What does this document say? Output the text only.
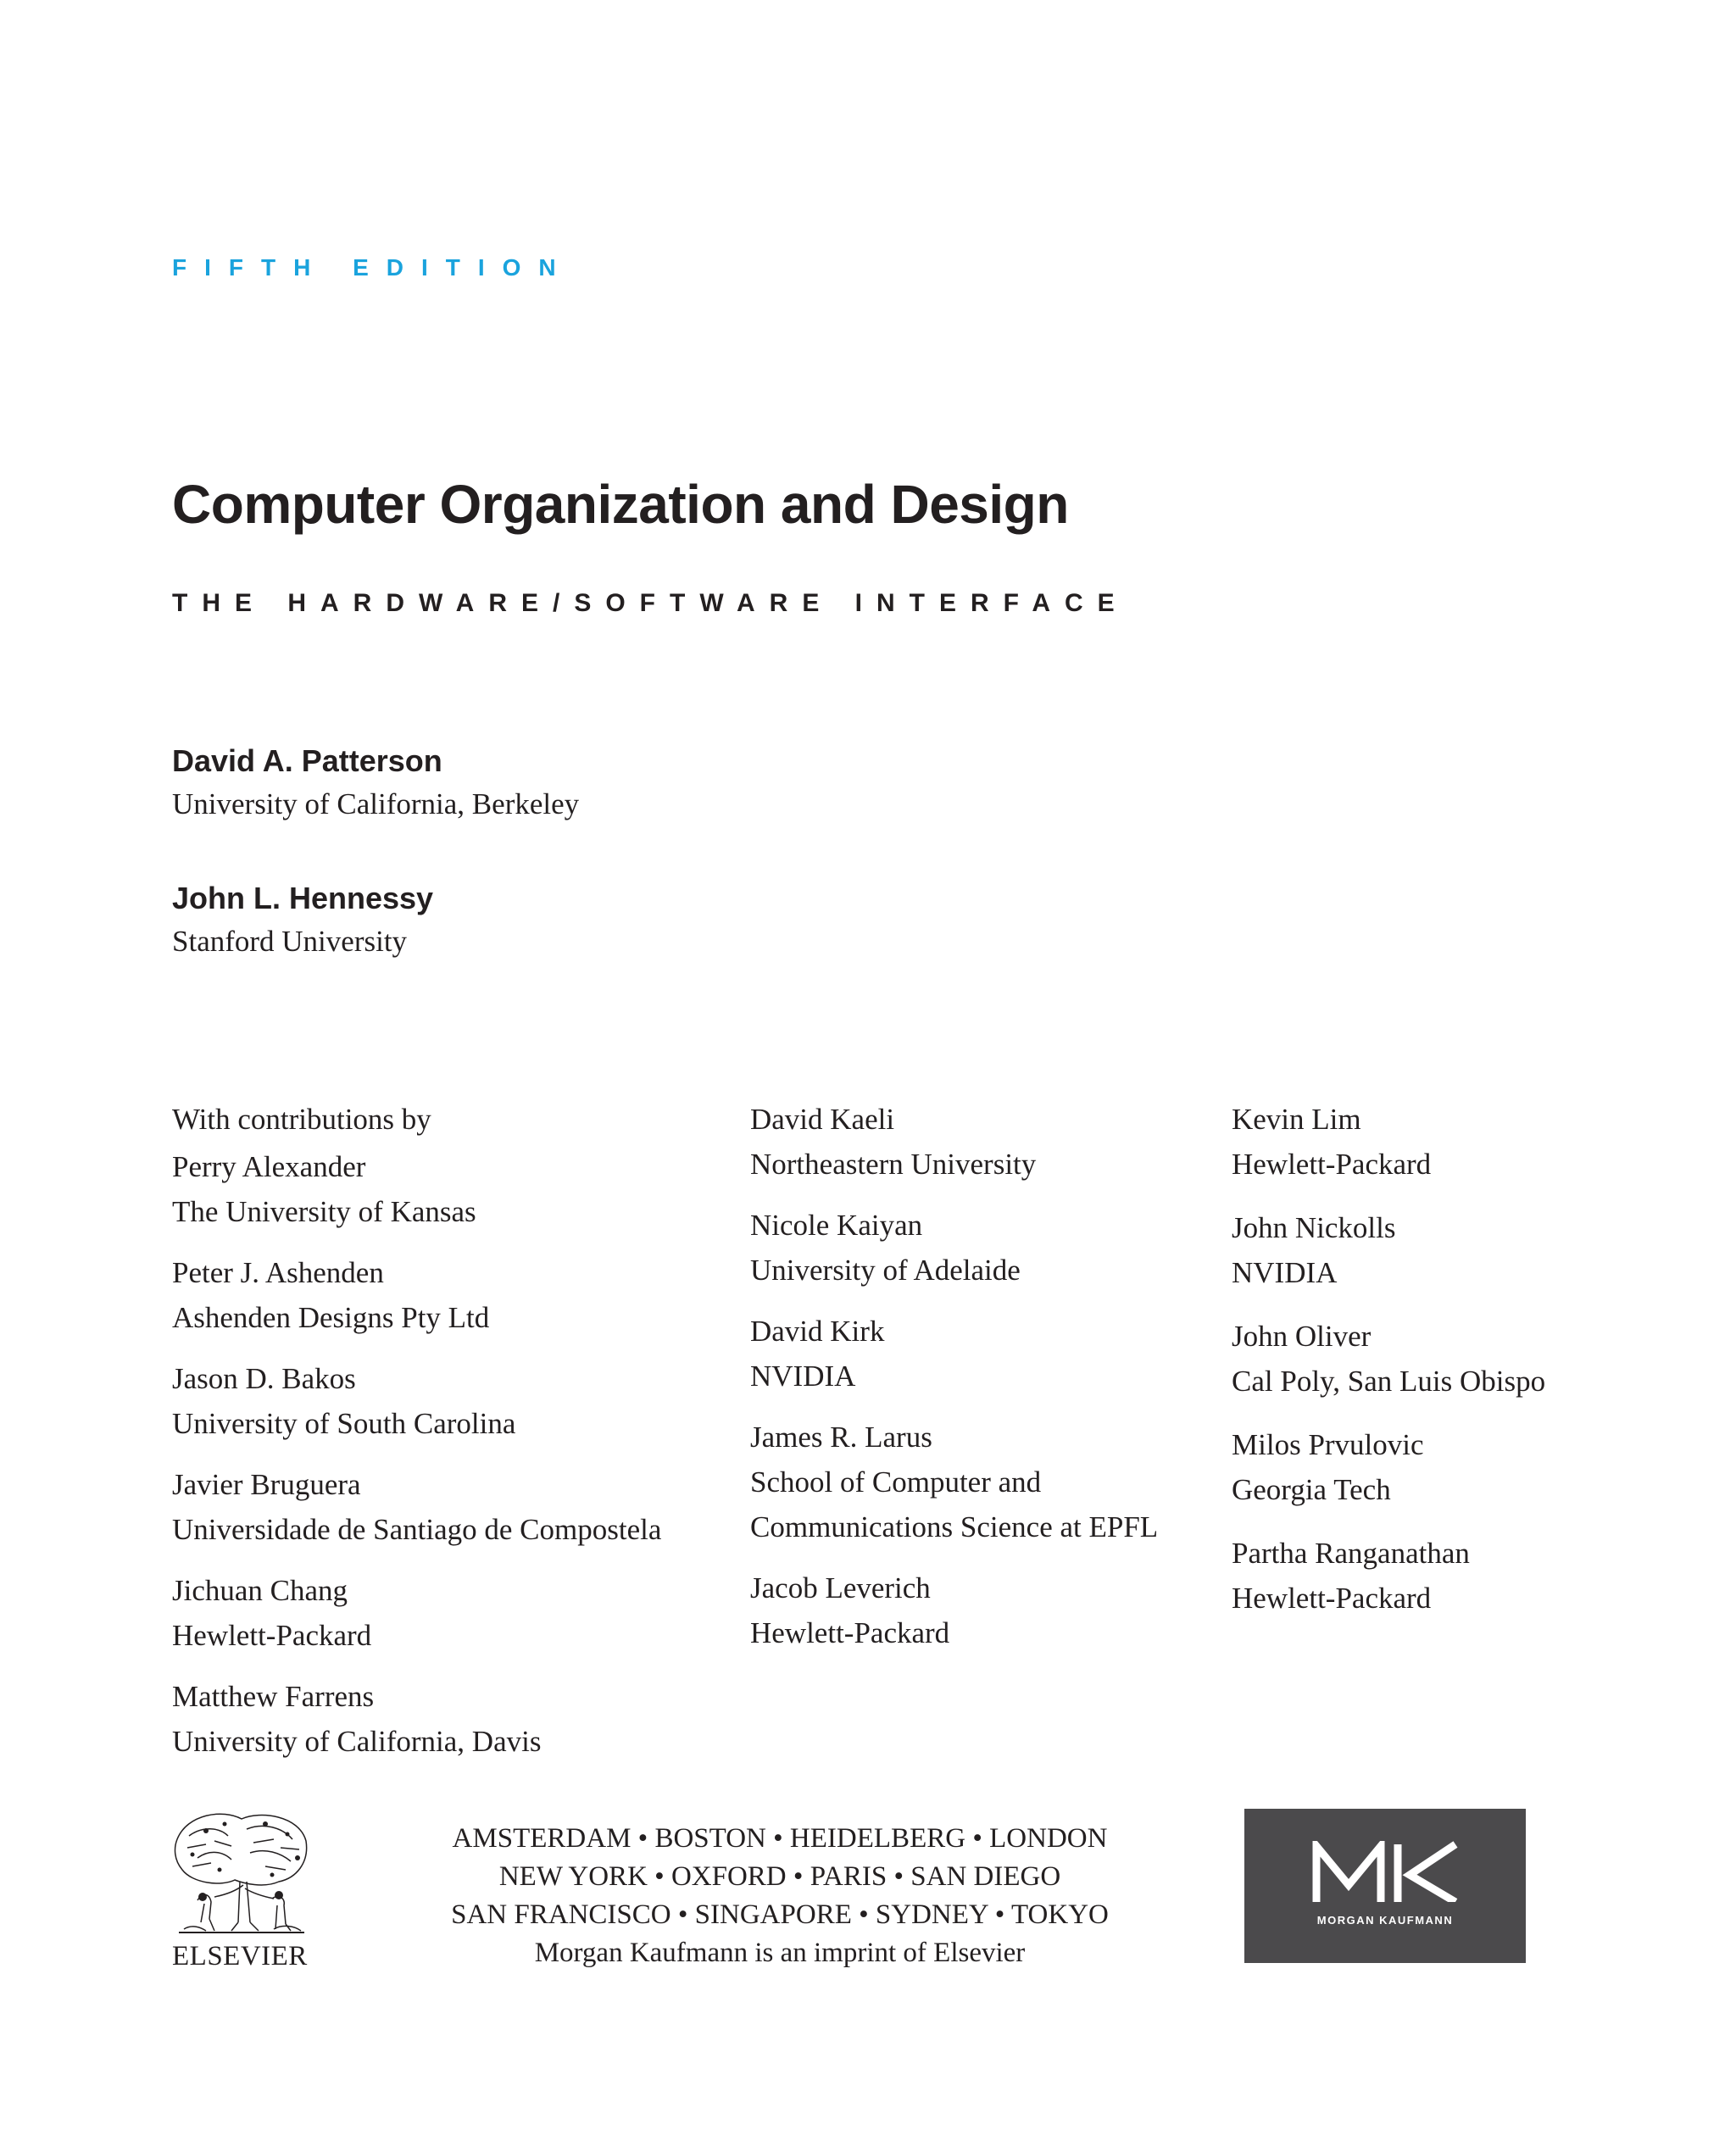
FIFTH EDITION
Computer Organization and Design
THE HARDWARE/SOFTWARE INTERFACE
David A. Patterson
University of California, Berkeley
John L. Hennessy
Stanford University
With contributions by
Perry Alexander
The University of Kansas
Peter J. Ashenden
Ashenden Designs Pty Ltd
Jason D. Bakos
University of South Carolina
Javier Bruguera
Universidade de Santiago de Compostela
Jichuan Chang
Hewlett-Packard
Matthew Farrens
University of California, Davis
David Kaeli
Northeastern University
Nicole Kaiyan
University of Adelaide
David Kirk
NVIDIA
James R. Larus
School of Computer and
Communications Science at EPFL
Jacob Leverich
Hewlett-Packard
Kevin Lim
Hewlett-Packard
John Nickolls
NVIDIA
John Oliver
Cal Poly, San Luis Obispo
Milos Prvulovic
Georgia Tech
Partha Ranganathan
Hewlett-Packard
ELSEVIER
AMSTERDAM • BOSTON • HEIDELBERG • LONDON
NEW YORK • OXFORD • PARIS • SAN DIEGO
SAN FRANCISCO • SINGAPORE • SYDNEY • TOKYO
Morgan Kaufmann is an imprint of Elsevier
MORGAN KAUFMANN
